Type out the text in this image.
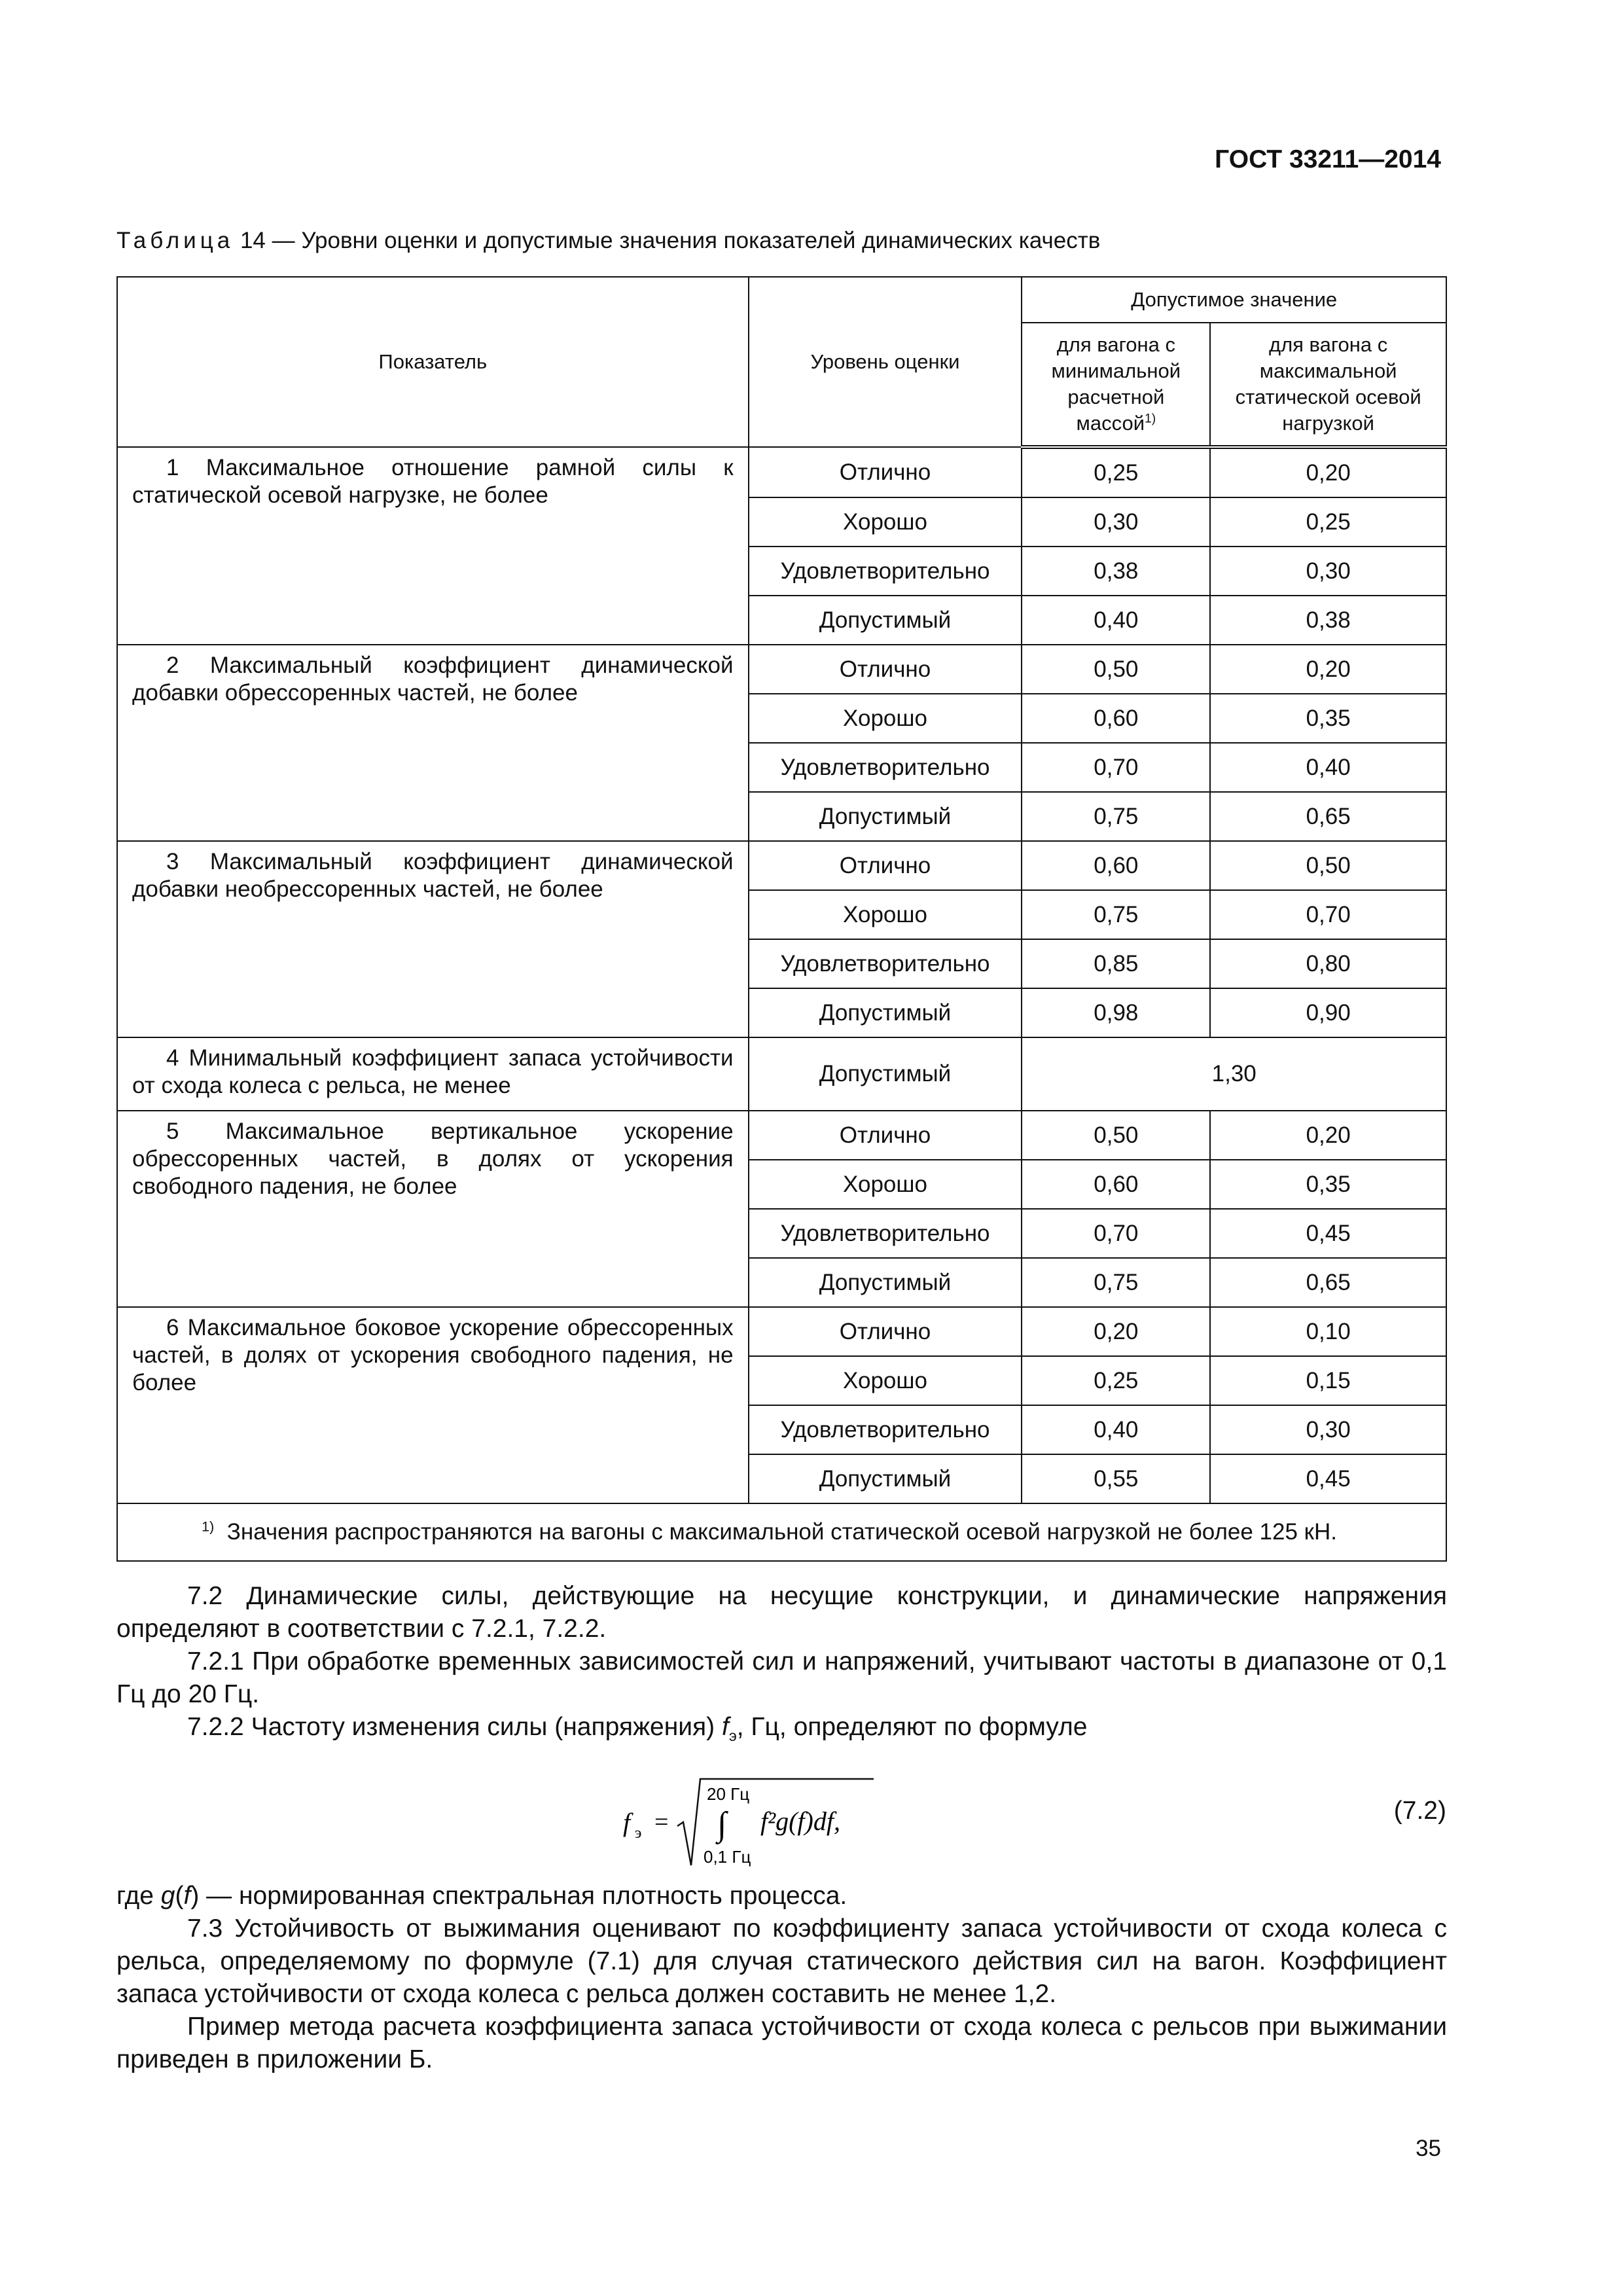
ГОСТ 33211—2014
Таблица 14 — Уровни оценки и допустимые значения показателей динамических качеств
Показатель	Уровень оценки	Допустимое значение	
		для вагона с минимальной расчетной массой$^{1)}$	для вагона с максимальной статической осевой нагрузкой

1 Максимальное отношение рамной силы к статической осевой нагрузке, не более	Отлично	0,25	0,20
	Хорошо	0,30	0,25
	Удовлетворительно	0,38	0,30
	Допустимый	0,40	0,38

2 Максимальный коэффициент динамической добавки обрессоренных частей, не более	Отлично	0,50	0,20
	Хорошо	0,60	0,35
	Удовлетворительно	0,70	0,40
	Допустимый	0,75	0,65

3 Максимальный коэффициент динамической добавки необрессоренных частей, не более	Отлично	0,60	0,50
	Хорошо	0,75	0,70
	Удовлетворительно	0,85	0,80
	Допустимый	0,98	0,90

4 Минимальный коэффициент запаса устойчивости от схода колеса с рельса, не менее	Допустимый	1,30	

5 Максимальное вертикальное ускорение обрессоренных частей, в долях от ускорения свободного падения, не более	Отлично	0,50	0,20
	Хорошо	0,60	0,35
	Удовлетворительно	0,70	0,45
	Допустимый	0,75	0,65

6 Максимальное боковое ускорение обрессоренных частей, в долях от ускорения свободного падения, не более	Отлично	0,20	0,10
	Хорошо	0,25	0,15
	Удовлетворительно	0,40	0,30
	Допустимый	0,55	0,45
$^{1)}$ Значения распространяются на вагоны с максимальной статической осевой нагрузкой не более 125 кН.			

7.2 Динамические силы, действующие на несущие конструкции, и динамические напряжения определяют в соответствии с 7.2.1, 7.2.2.

7.2.1 При обработке временных зависимостей сил и напряжений, учитывают частоты в диапазоне от 0,1 Гц до 20 Гц.

7.2.2 Частоту изменения силы (напряжения) $f_э$, Гц, определяют по формуле

f э =
20 Гц
∫
0,1 Гц
f²g(f)df,	(7.2)

где g(f) — нормированная спектральная плотность процесса.

7.3 Устойчивость от выжимания оценивают по коэффициенту запаса устойчивости от схода колеса с рельса, определяемому по формуле (7.1) для случая статического действия сил на вагон. Коэффициент запаса устойчивости от схода колеса с рельса должен составить не менее 1,2.

Пример метода расчета коэффициента запаса устойчивости от схода колеса с рельсов при выжимании приведен в приложении Б.

35
